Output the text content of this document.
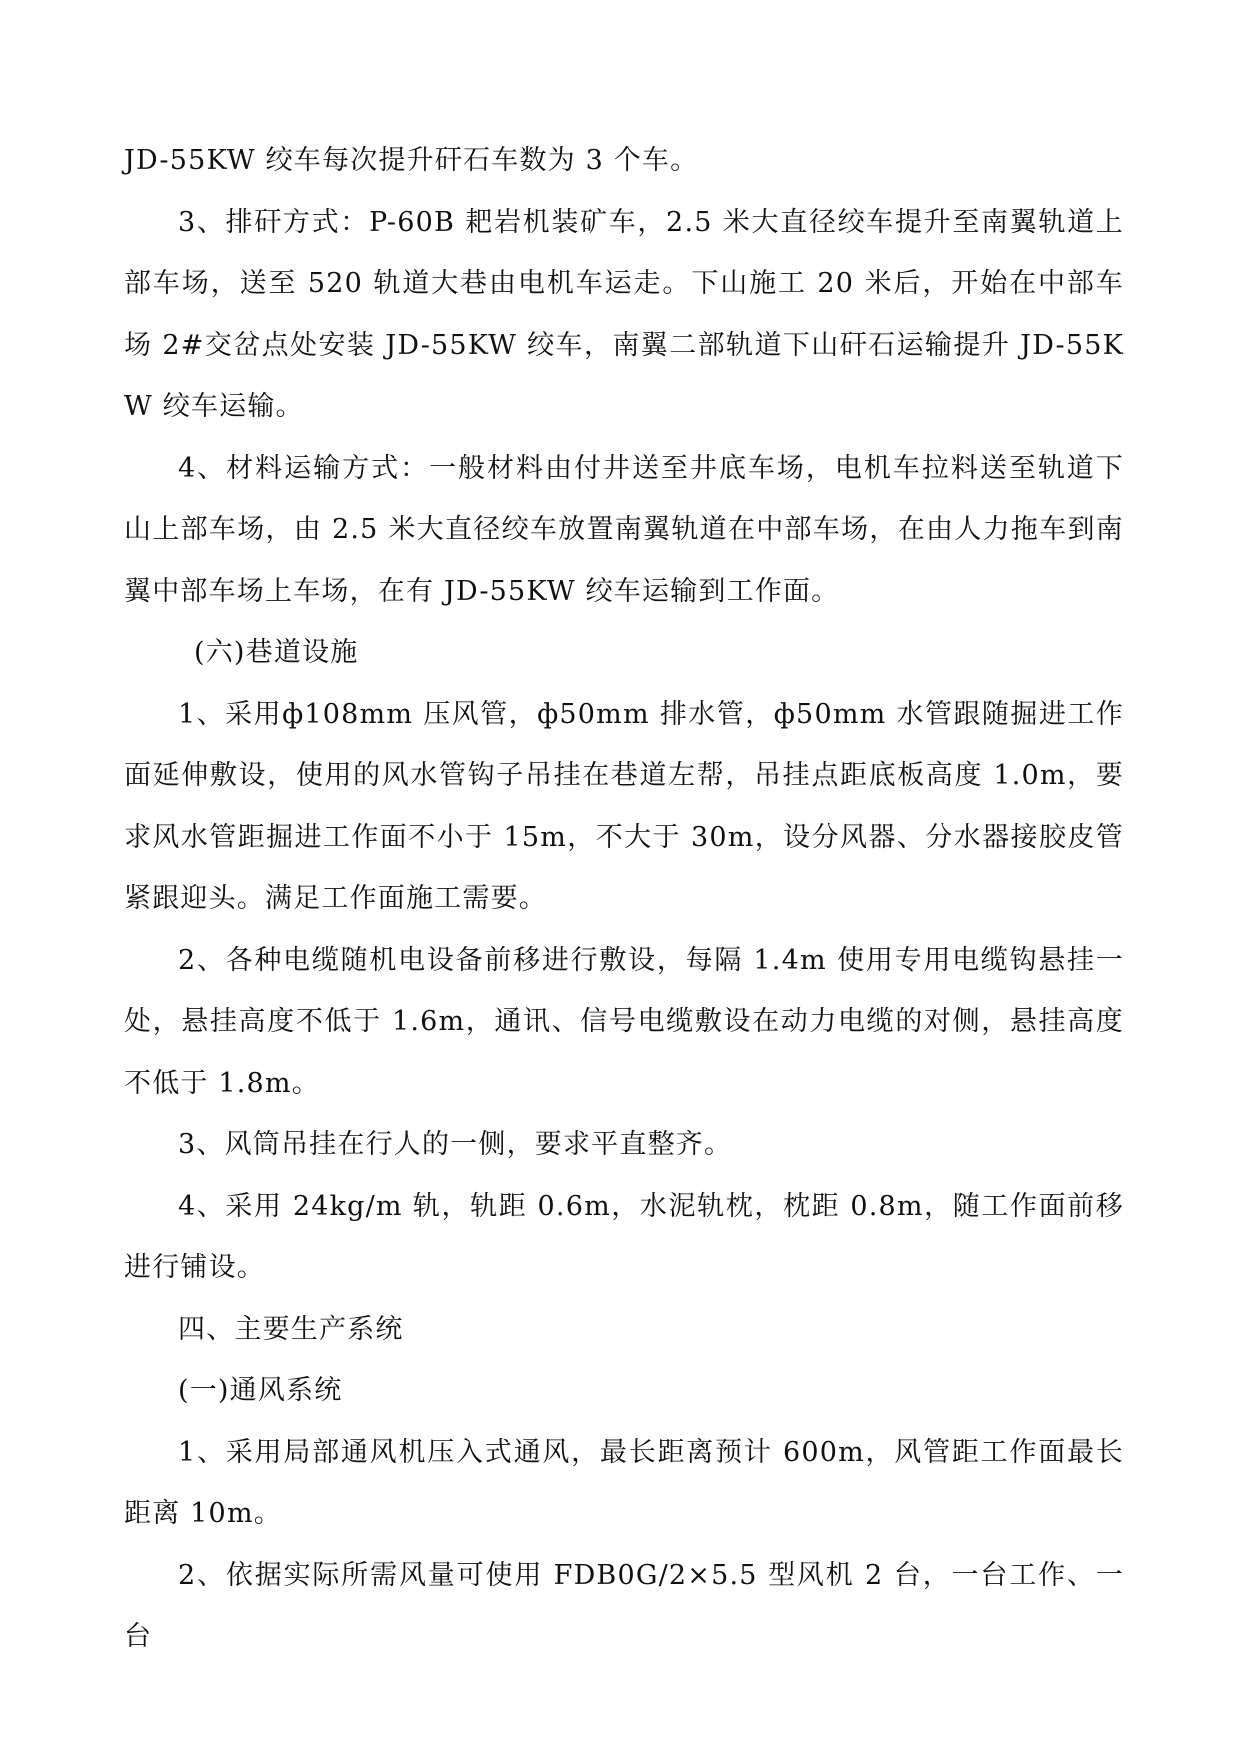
JD-55KW 绞车每次提升矸石车数为 3 个车。

3、排矸方式：P-60B 耙岩机装矿车，2.5 米大直径绞车提升至南翼轨道上部车场，送至 520 轨道大巷由电机车运走。下山施工 20 米后，开始在中部车场 2#交岔点处安装 JD-55KW 绞车，南翼二部轨道下山矸石运输提升 JD-55KW 绞车运输。

4、材料运输方式：一般材料由付井送至井底车场，电机车拉料送至轨道下山上部车场，由 2.5 米大直径绞车放置南翼轨道在中部车场，在由人力拖车到南翼中部车场上车场，在有 JD-55KW 绞车运输到工作面。

(六)巷道设施

1、采用ф108mm 压风管，ф50mm 排水管，ф50mm 水管跟随掘进工作面延伸敷设，使用的风水管钩子吊挂在巷道左帮，吊挂点距底板高度 1.0m，要求风水管距掘进工作面不小于 15m，不大于 30m，设分风器、分水器接胶皮管紧跟迎头。满足工作面施工需要。

2、各种电缆随机电设备前移进行敷设，每隔 1.4m 使用专用电缆钩悬挂一处，悬挂高度不低于 1.6m，通讯、信号电缆敷设在动力电缆的对侧，悬挂高度不低于 1.8m。

3、风筒吊挂在行人的一侧，要求平直整齐。

4、采用 24kg/m 轨，轨距 0.6m，水泥轨枕，枕距 0.8m，随工作面前移进行铺设。

四、主要生产系统

(一)通风系统

1、采用局部通风机压入式通风，最长距离预计 600m，风管距工作面最长距离 10m。

2、依据实际所需风量可使用 FDB0G/2×5.5 型风机 2 台，一台工作、一台
